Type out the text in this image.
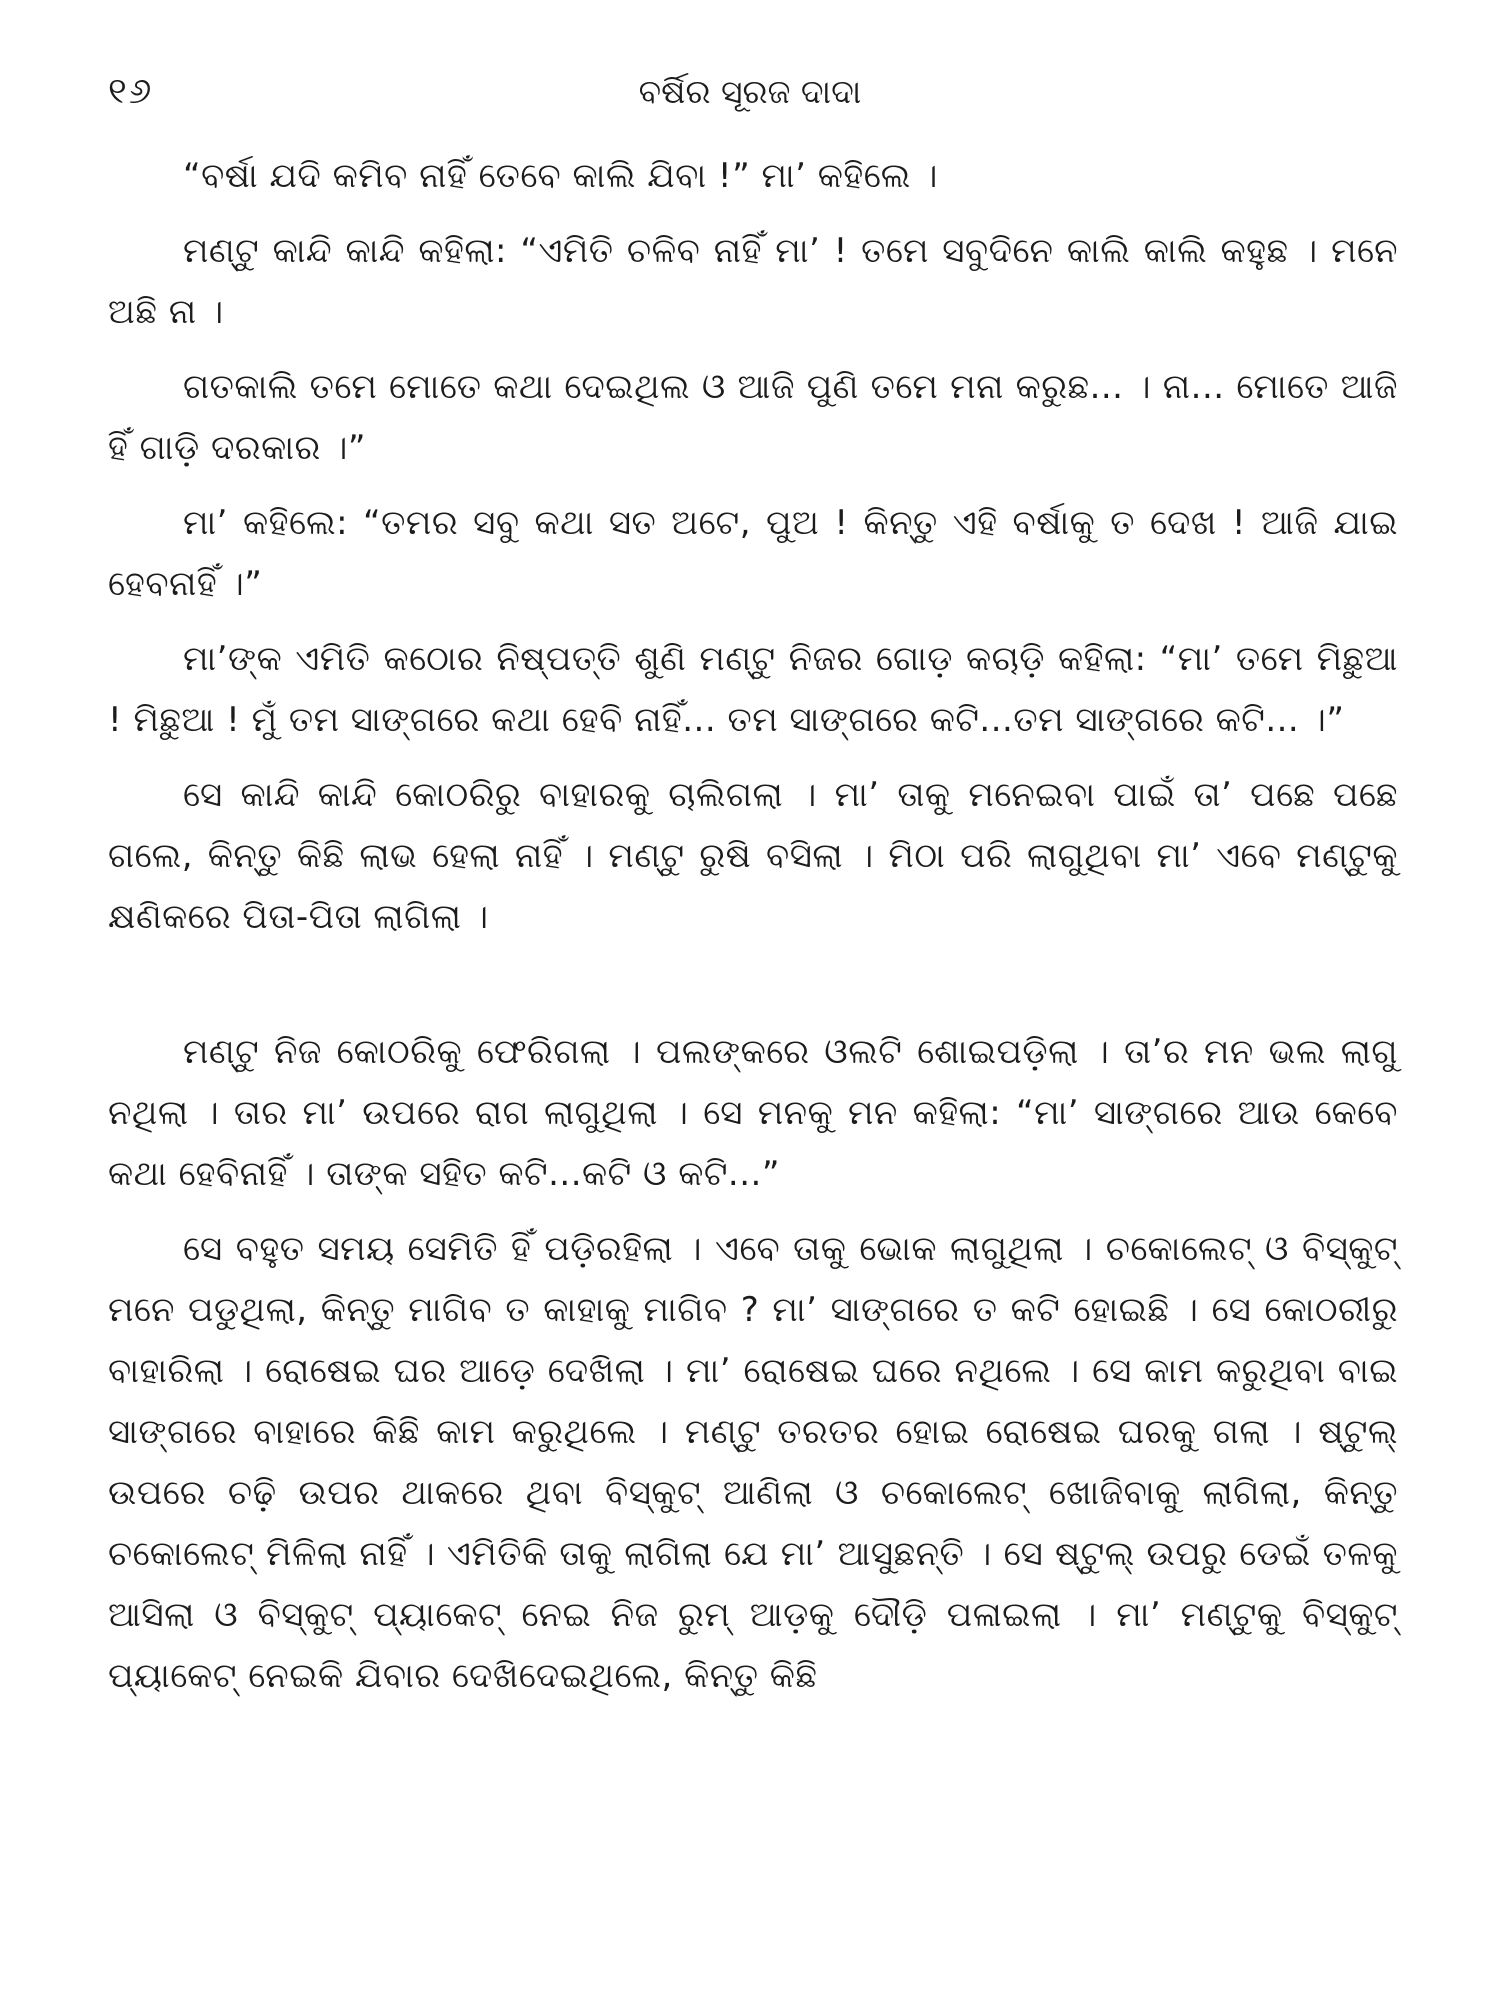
୧୬	ବର୍ଷିର ସୂରଜ ଦାଦା

“ବର୍ଷା ଯଦି କମିବ ନାହିଁ ତେବେ କାଲି ଯିବା !” ମା’ କହିଲେ ।

ମଣ୍ଟୁ କାନ୍ଦି କାନ୍ଦି କହିଲା: “ଏମିତି ଚଳିବ ନାହିଁ ମା’ ! ତମେ ସବୁଦିନେ କାଲି କାଲି କହୁଛ । ମନେ ଅଛି ନା ।

ଗତକାଲି ତମେ ମୋତେ କଥା ଦେଇଥିଲ ଓ ଆଜି ପୁଣି ତମେ ମନା କରୁଛ... । ନା... ମୋତେ ଆଜି ହିଁ ଗାଡ଼ି ଦରକାର ।”

ମା’ କହିଲେ: “ତମର ସବୁ କଥା ସତ ଅଟେ, ପୁଅ ! କିନ୍ତୁ ଏହି ବର୍ଷାକୁ ତ ଦେଖ ! ଆଜି ଯାଇ ହେବନାହିଁ ।”

ମା’ଙ୍କ ଏମିତି କଠୋର ନିଷ୍ପତ୍ତି ଶୁଣି ମଣ୍ଟୁ ନିଜର ଗୋଡ଼ କଚାଡ଼ି କହିଲା: “ମା’ ତମେ ମିଛୁଆ ! ମିଛୁଆ ! ମୁଁ ତମ ସାଙ୍ଗରେ କଥା ହେବି ନାହିଁ... ତମ ସାଙ୍ଗରେ କଟି...ତମ ସାଙ୍ଗରେ କଟି... ।”

ସେ କାନ୍ଦି କାନ୍ଦି କୋଠରିରୁ ବାହାରକୁ ଚାଲିଗଲା । ମା’ ତାକୁ ମନେଇବା ପାଇଁ ତା’ ପଛେ ପଛେ ଗଲେ, କିନ୍ତୁ କିଛି ଲାଭ ହେଲା ନାହିଁ । ମଣ୍ଟୁ ରୁଷି ବସିଲା । ମିଠା ପରି ଲାଗୁଥିବା ମା’ ଏବେ ମଣ୍ଟୁକୁ କ୍ଷଣିକରେ ପିତା-ପିତା ଲାଗିଲା ।

ମଣ୍ଟୁ ନିଜ କୋଠରିକୁ ଫେରିଗଲା । ପଲଙ୍କରେ ଓଲଟି ଶୋଇପଡ଼ିଲା । ତା’ର ମନ ଭଲ ଲାଗୁ ନଥିଲା । ତାର ମା’ ଉପରେ ରାଗ ଲାଗୁଥିଲା । ସେ ମନକୁ ମନ କହିଲା: “ମା’ ସାଙ୍ଗରେ ଆଉ କେବେ କଥା ହେବିନାହିଁ । ତାଙ୍କ ସହିତ କଟି...କଟି ଓ କଟି...”

ସେ ବହୁତ ସମୟ ସେମିତି ହିଁ ପଡ଼ିରହିଲା । ଏବେ ତାକୁ ଭୋକ ଲାଗୁଥିଲା । ଚକୋଲେଟ୍ ଓ ବିସ୍କୁଟ୍ ମନେ ପଡୁଥିଲା, କିନ୍ତୁ ମାଗିବ ତ କାହାକୁ ମାଗିବ ? ମା’ ସାଙ୍ଗରେ ତ କଟି ହୋଇଛି । ସେ କୋଠରୀରୁ ବାହାରିଲା । ରୋଷେଇ ଘର ଆଡ଼େ ଦେଖିଲା । ମା’ ରୋଷେଇ ଘରେ ନଥିଲେ । ସେ କାମ କରୁଥିବା ବାଇ ସାଙ୍ଗରେ ବାହାରେ କିଛି କାମ କରୁଥିଲେ । ମଣ୍ଟୁ ତରତର ହୋଇ ରୋଷେଇ ଘରକୁ ଗଲା । ଷ୍ଟୁଲ୍ ଉପରେ ଚଢ଼ି ଉପର ଥାକରେ ଥିବା ବିସ୍କୁଟ୍ ଆଣିଲା ଓ ଚକୋଲେଟ୍ ଖୋଜିବାକୁ ଲାଗିଲା, କିନ୍ତୁ ଚକୋଲେଟ୍ ମିଳିଲା ନାହିଁ । ଏମିତିକି ତାକୁ ଲାଗିଲା ଯେ ମା’ ଆସୁଛନ୍ତି । ସେ ଷ୍ଟୁଲ୍ ଉପରୁ ଡେଇଁ ତଳକୁ ଆସିଲା ଓ ବିସ୍କୁଟ୍ ପ୍ୟାକେଟ୍ ନେଇ ନିଜ ରୁମ୍ ଆଡ଼କୁ ଦୌଡ଼ି ପଳାଇଲା । ମା’ ମଣ୍ଟୁକୁ ବିସ୍କୁଟ୍ ପ୍ୟାକେଟ୍ ନେଇକି ଯିବାର ଦେଖିଦେଇଥିଲେ, କିନ୍ତୁ କିଛି
